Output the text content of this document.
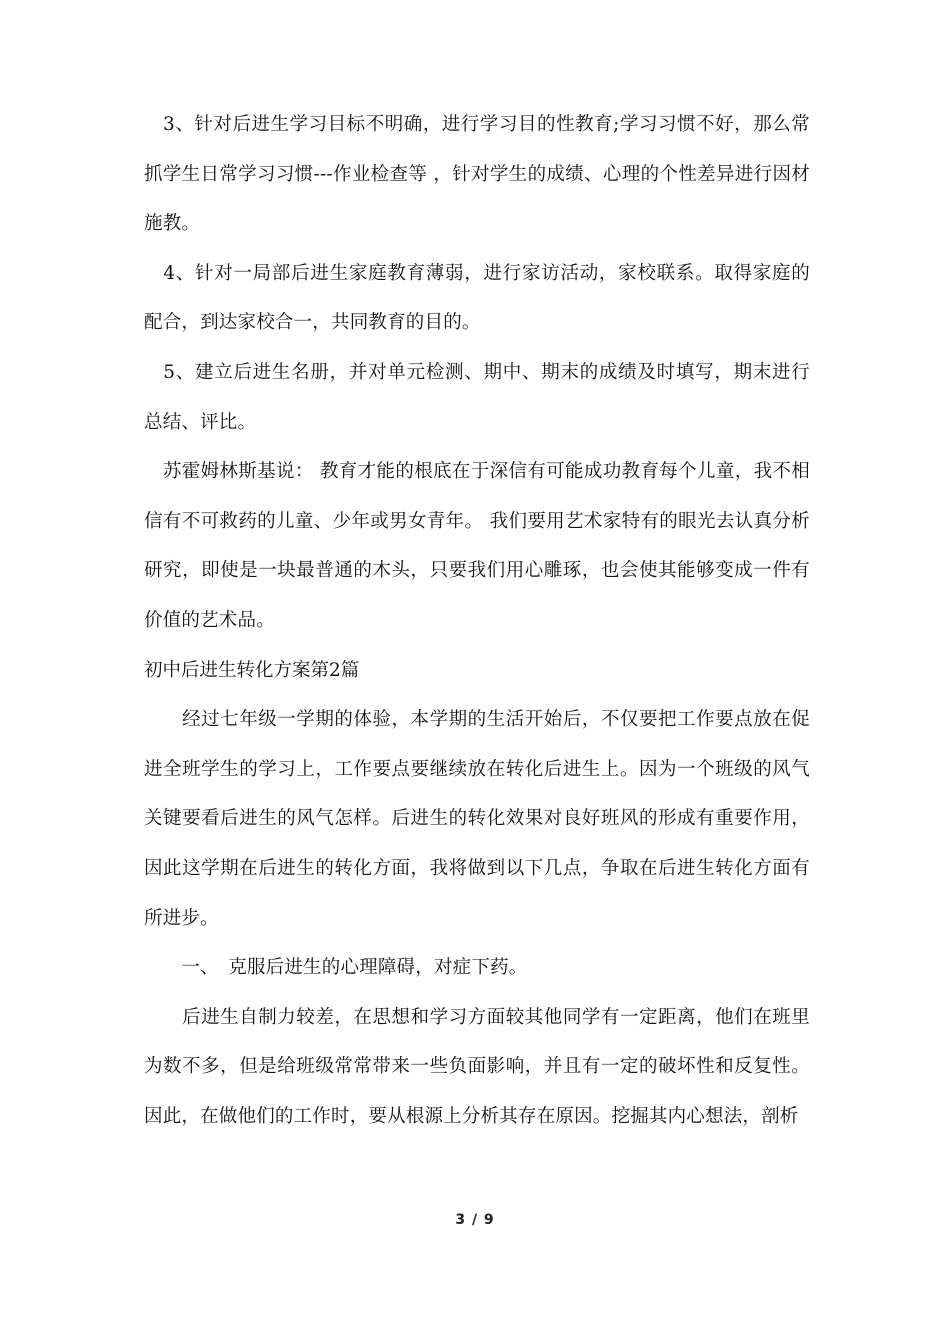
　3、针对后进生学习目标不明确，进行学习目的性教育;学习习惯不好，那么常抓学生日常学习习惯---作业检查等 ，针对学生的成绩、心理的个性差异进行因材施教。

　4、针对一局部后进生家庭教育薄弱，进行家访活动，家校联系。取得家庭的配合，到达家校合一，共同教育的目的。

　5、建立后进生名册，并对单元检测、期中、期末的成绩及时填写，期末进行总结、评比。

　苏霍姆林斯基说： 教育才能的根底在于深信有可能成功教育每个儿童，我不相信有不可救药的儿童、少年或男女青年。 我们要用艺术家特有的眼光去认真分析研究，即使是一块最普通的木头，只要我们用心雕琢，也会使其能够变成一件有价值的艺术品。

初中后进生转化方案第2篇

　　经过七年级一学期的体验，本学期的生活开始后，不仅要把工作要点放在促进全班学生的学习上，工作要点要继续放在转化后进生上。因为一个班级的风气关键要看后进生的风气怎样。后进生的转化效果对良好班风的形成有重要作用，因此这学期在后进生的转化方面，我将做到以下几点，争取在后进生转化方面有所进步。

　　一、　克服后进生的心理障碍，对症下药。

　　后进生自制力较差，在思想和学习方面较其他同学有一定距离，他们在班里为数不多，但是给班级常常带来一些负面影响，并且有一定的破坏性和反复性。因此，在做他们的工作时，要从根源上分析其存在原因。挖掘其内心想法，剖析

3 / 9
